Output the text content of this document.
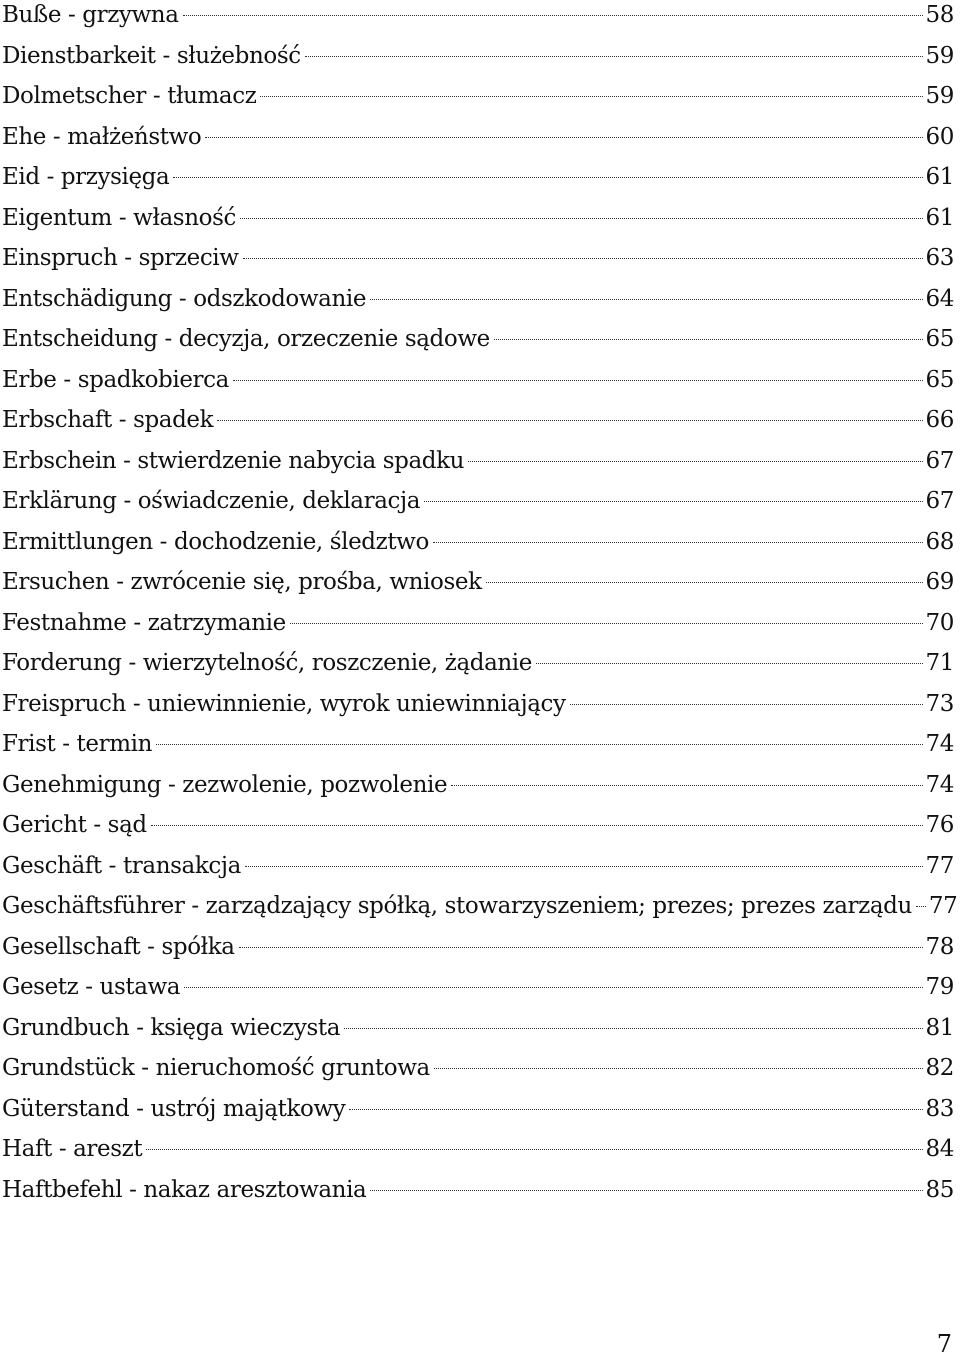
Buße - grzywna	58
Dienstbarkeit - służebność	59
Dolmetscher - tłumacz	59
Ehe - małżeństwo	60
Eid - przysięga	61
Eigentum - własność	61
Einspruch - sprzeciw	63
Entschädigung - odszkodowanie	64
Entscheidung - decyzja, orzeczenie sądowe	65
Erbe - spadkobierca	65
Erbschaft - spadek	66
Erbschein - stwierdzenie nabycia spadku	67
Erklärung - oświadczenie, deklaracja	67
Ermittlungen - dochodzenie, śledztwo	68
Ersuchen - zwrócenie się, prośba, wniosek	69
Festnahme - zatrzymanie	70
Forderung - wierzytelność, roszczenie, żądanie	71
Freispruch - uniewinnienie, wyrok uniewinniający	73
Frist - termin	74
Genehmigung - zezwolenie, pozwolenie	74
Gericht - sąd	76
Geschäft - transakcja	77
Geschäftsführer - zarządzający spółką, stowarzyszeniem; prezes; prezes zarządu 77
Gesellschaft - spółka	78
Gesetz - ustawa	79
Grundbuch - księga wieczysta	81
Grundstück - nieruchomość gruntowa	82
Güterstand - ustrój majątkowy	83
Haft - areszt	84
Haftbefehl - nakaz aresztowania	85
7
